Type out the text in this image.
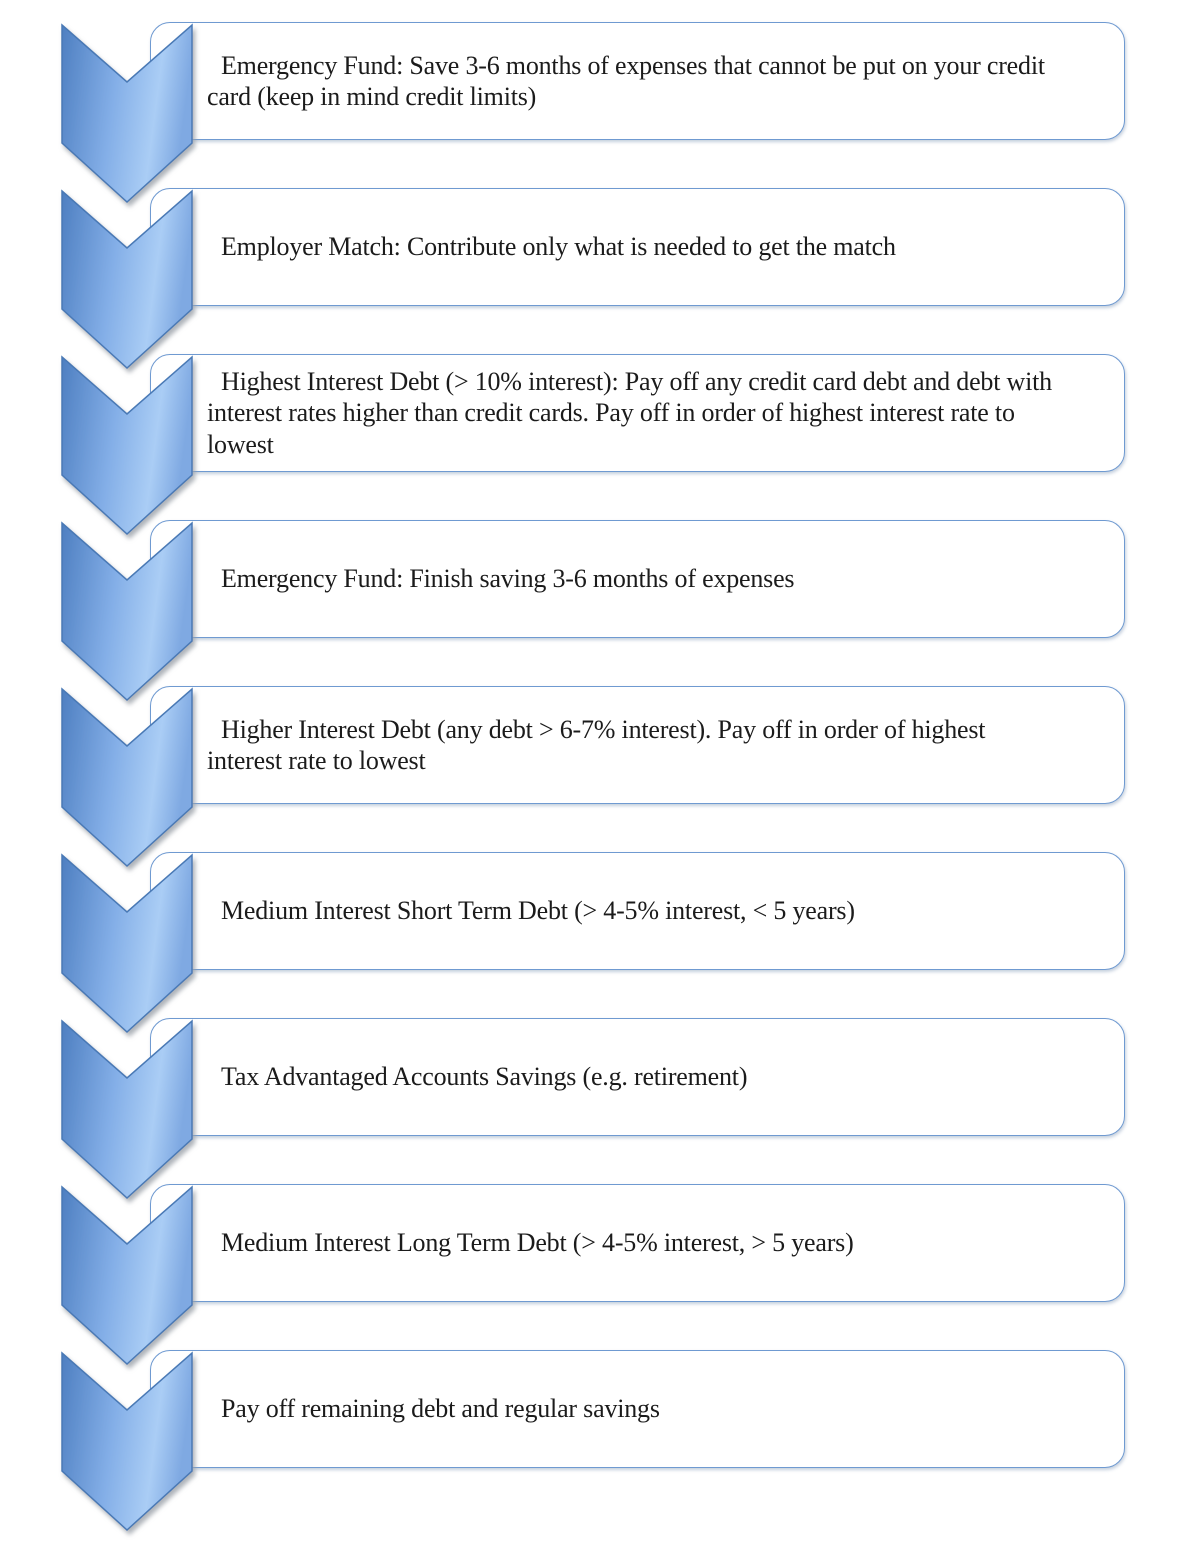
Emergency Fund: Save 3-6 months of expenses that cannot be put on your credit card (keep in mind credit limits)

Employer Match: Contribute only what is needed to get the match

Highest Interest Debt (> 10% interest): Pay off any credit card debt and debt with interest rates higher than credit cards. Pay off in order of highest interest rate to lowest

Emergency Fund: Finish saving 3-6 months of expenses

Higher Interest Debt (any debt > 6-7% interest). Pay off in order of highest interest rate to lowest

Medium Interest Short Term Debt (> 4-5% interest, < 5 years)

Tax Advantaged Accounts Savings (e.g. retirement)

Medium Interest Long Term Debt (> 4-5% interest, > 5 years)

Pay off remaining debt and regular savings
